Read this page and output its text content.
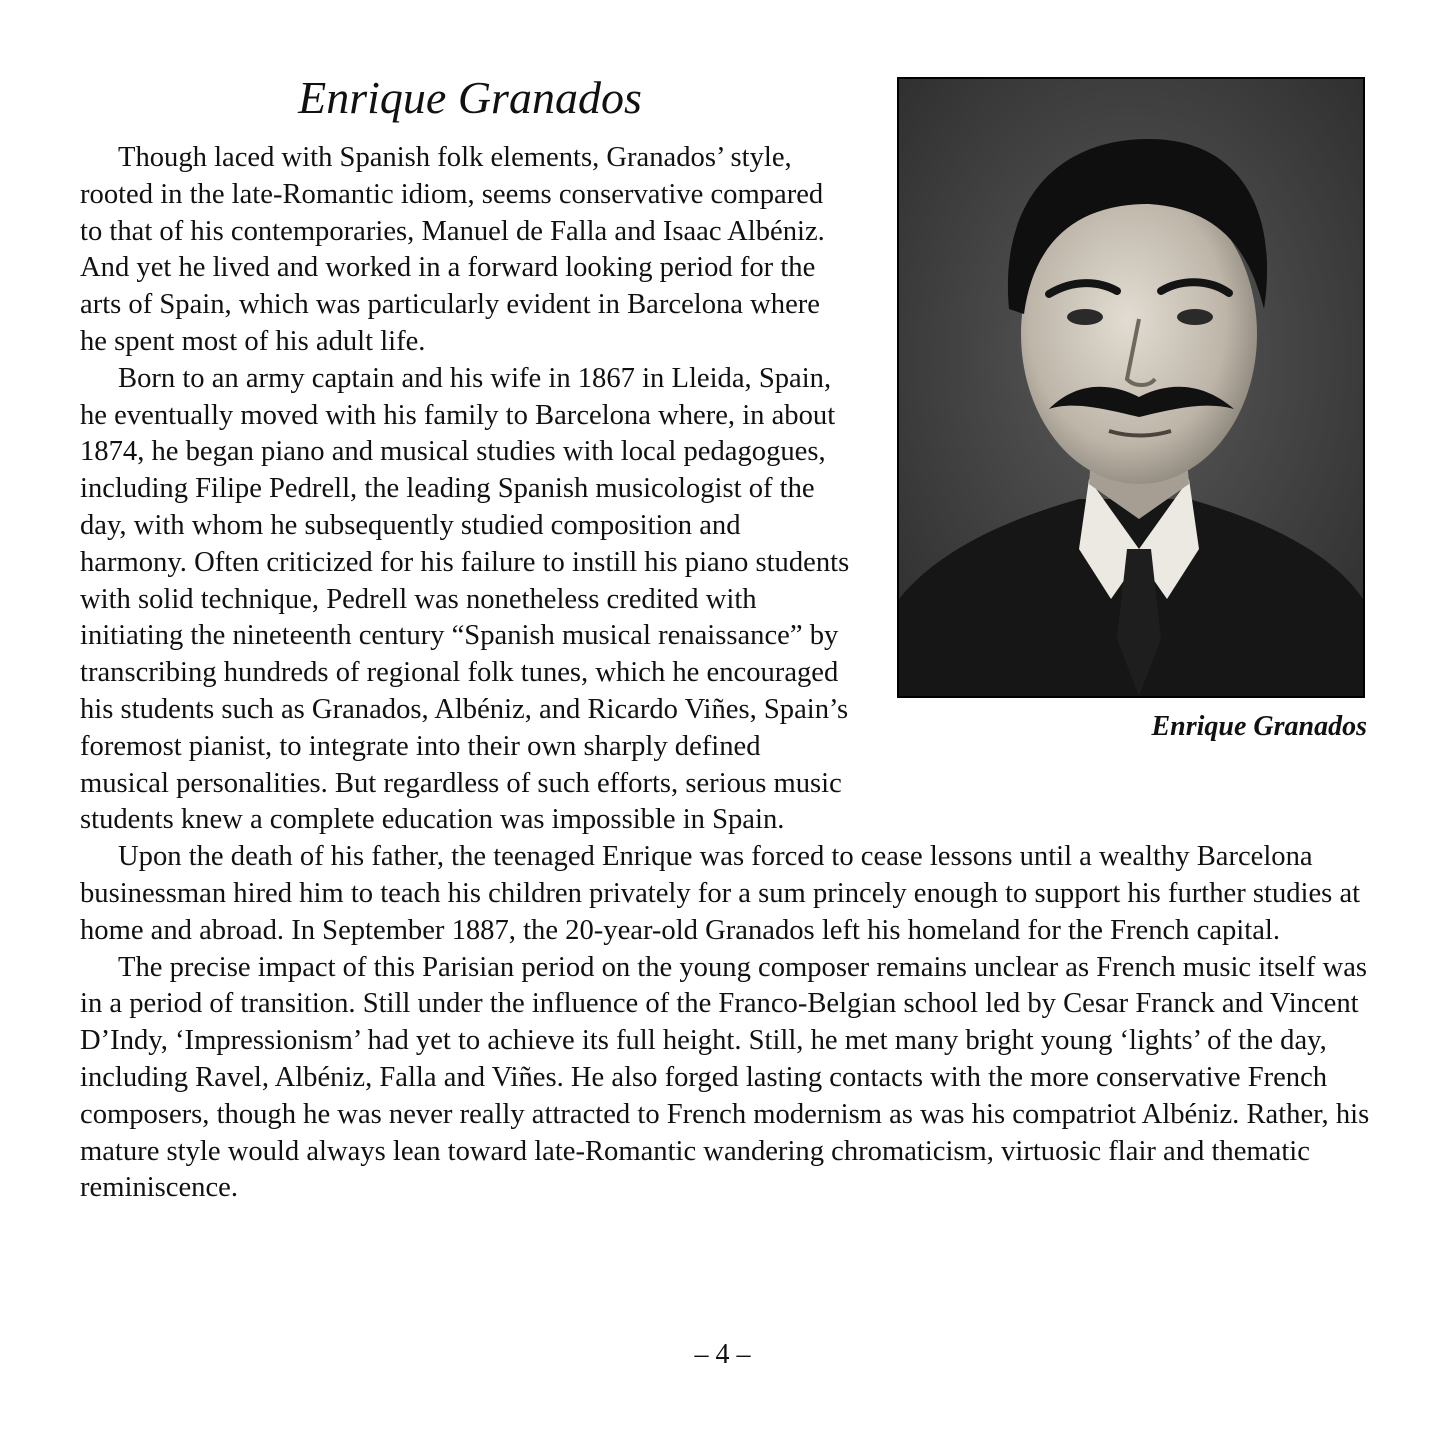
Enrique Granados
Enrique Granados

Though laced with Spanish folk elements, Granados’ style, rooted in the late-Romantic idiom, seems conservative compared to that of his contemporaries, Manuel de Falla and Isaac Albéniz. And yet he lived and worked in a forward looking period for the arts of Spain, which was particularly evident in Barcelona where he spent most of his adult life.

Born to an army captain and his wife in 1867 in Lleida, Spain, he eventually moved with his family to Barcelona where, in about 1874, he began piano and musical studies with local pedagogues, including Filipe Pedrell, the leading Spanish musicologist of the day, with whom he subsequently studied composition and harmony. Often criticized for his failure to instill his piano students with solid technique, Pedrell was nonetheless credited with initiating the nineteenth century “Spanish musical renaissance” by transcribing hundreds of regional folk tunes, which he encouraged his students such as Granados, Albéniz, and Ricardo Viñes, Spain’s foremost pianist, to integrate into their own sharply defined musical personalities. But regardless of such efforts, serious music students knew a complete education was impossible in Spain.

Upon the death of his father, the teenaged Enrique was forced to cease lessons until a wealthy Barcelona businessman hired him to teach his children privately for a sum princely enough to support his further studies at home and abroad. In September 1887, the 20-year-old Granados left his homeland for the French capital.

The precise impact of this Parisian period on the young composer remains unclear as French music itself was in a period of transition. Still under the influence of the Franco-Belgian school led by Cesar Franck and Vincent D’Indy, ‘Impressionism’ had yet to achieve its full height. Still, he met many bright young ‘lights’ of the day, including Ravel, Albéniz, Falla and Viñes. He also forged lasting contacts with the more conservative French composers, though he was never really attracted to French modernism as was his compatriot Albéniz. Rather, his mature style would always lean toward late-Romantic wandering chromaticism, virtuosic flair and thematic reminiscence.

– 4 –
